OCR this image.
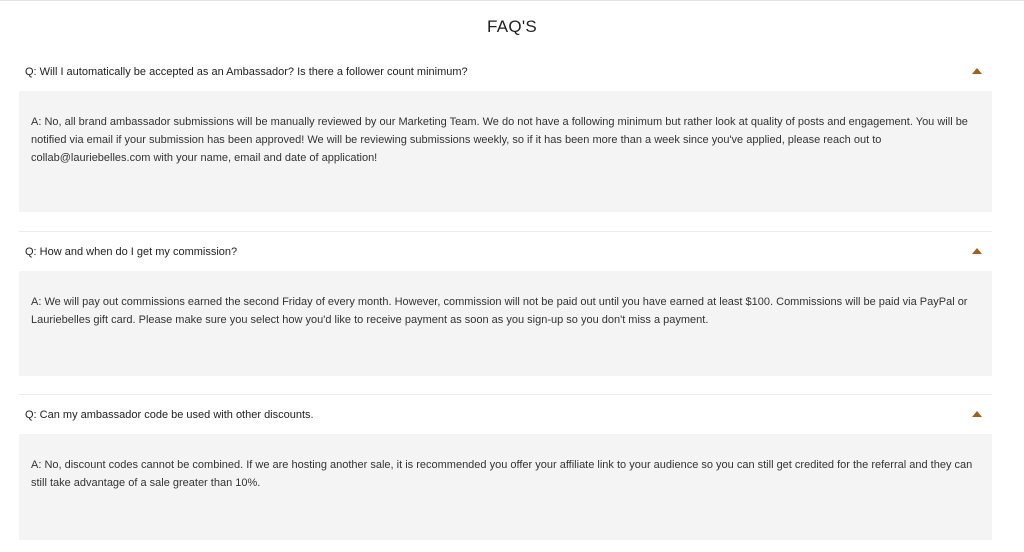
FAQ'S
Q: Will I automatically be accepted as an Ambassador? Is there a follower count minimum?
A: No, all brand ambassador submissions will be manually reviewed by our Marketing Team. We do not have a following minimum but rather look at quality of posts and engagement. You will be notified via email if your submission has been approved! We will be reviewing submissions weekly, so if it has been more than a week since you've applied, please reach out to collab@lauriebelles.com with your name, email and date of application!
Q: How and when do I get my commission?
A: We will pay out commissions earned the second Friday of every month. However, commission will not be paid out until you have earned at least $100. Commissions will be paid via PayPal or Lauriebelles gift card. Please make sure you select how you'd like to receive payment as soon as you sign-up so you don't miss a payment.
Q: Can my ambassador code be used with other discounts.
A: No, discount codes cannot be combined. If we are hosting another sale, it is recommended you offer your affiliate link to your audience so you can still get credited for the referral and they can still take advantage of a sale greater than 10%.
